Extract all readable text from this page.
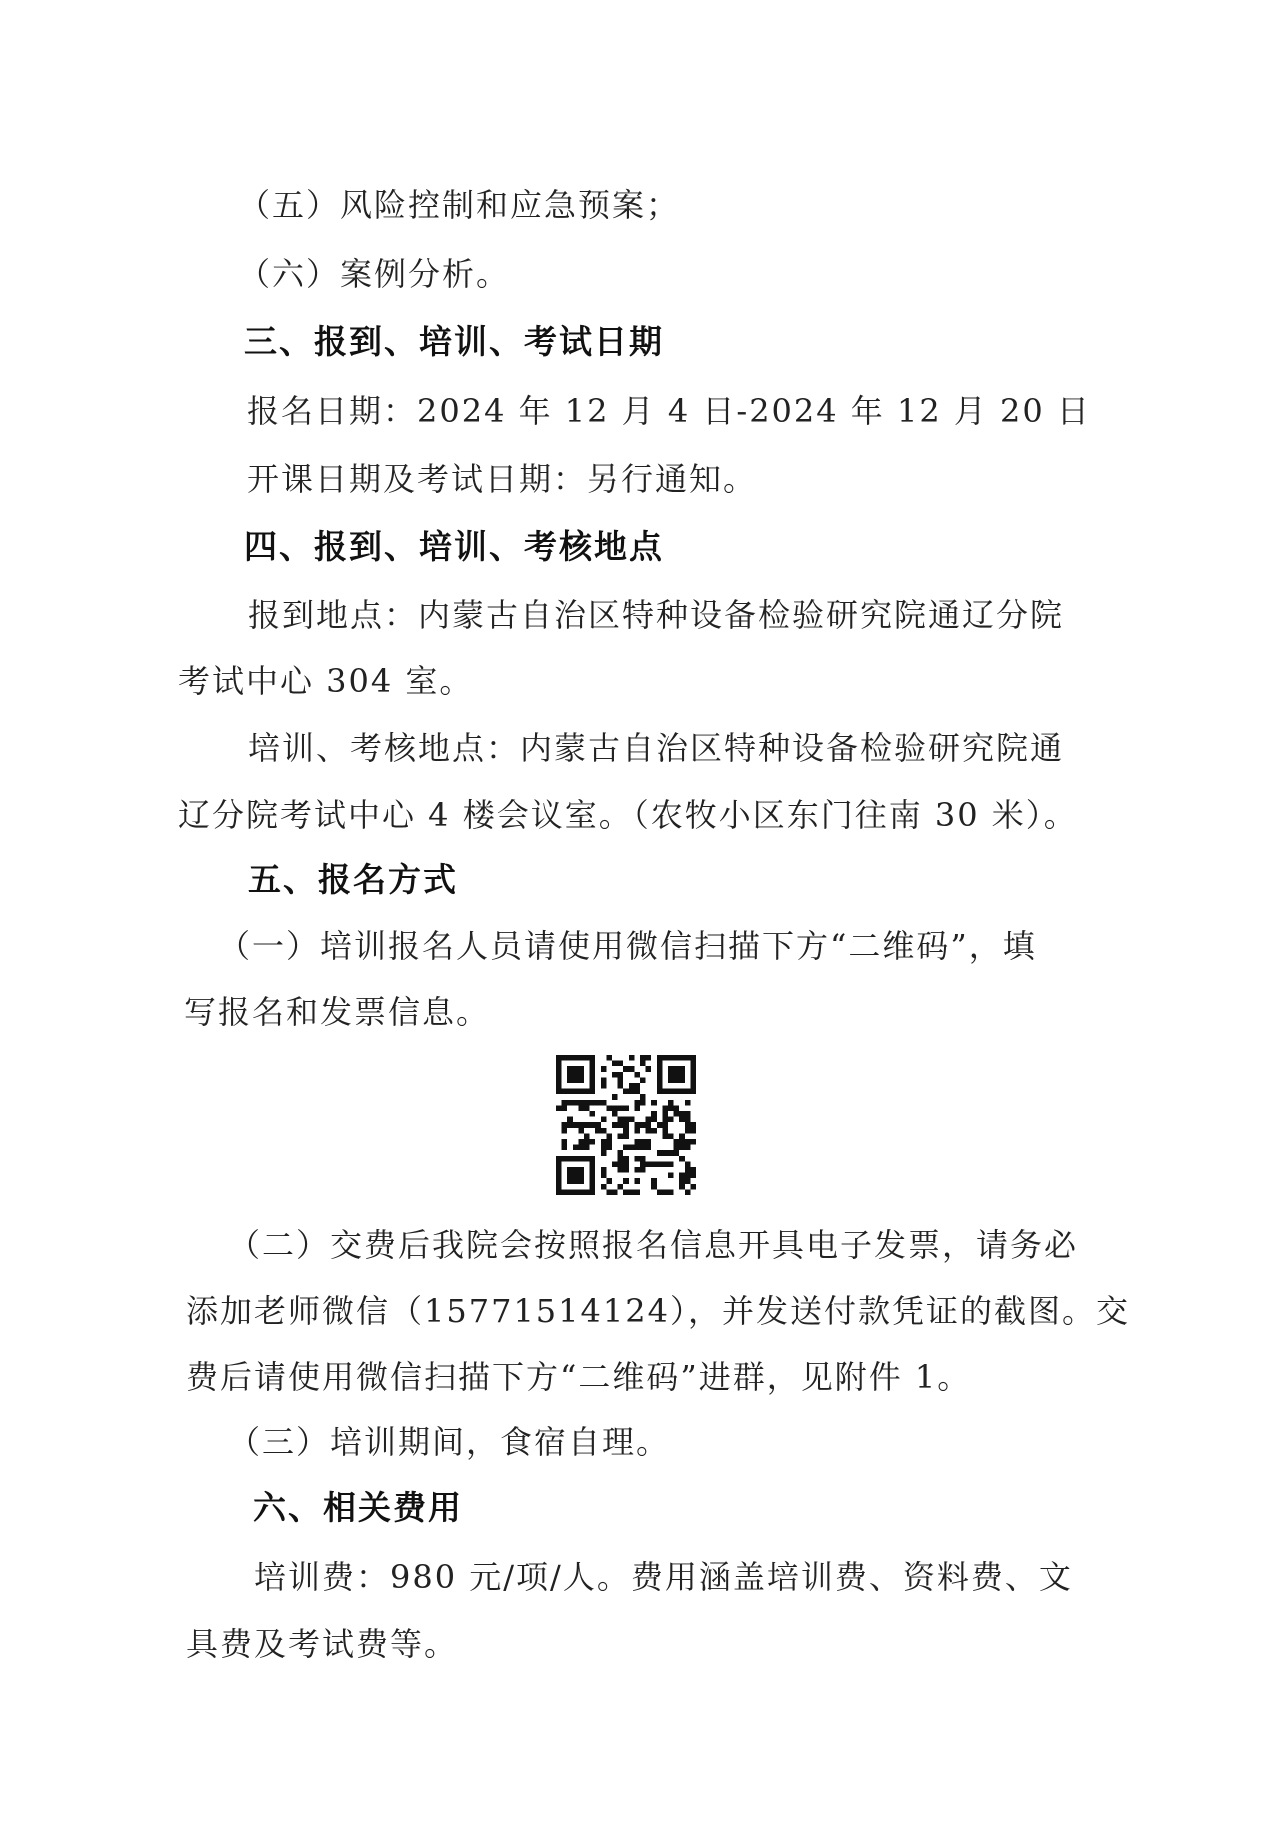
（五）风险控制和应急预案；
（六）案例分析。
三、报到、培训、考试日期
报名日期：2024 年 12 月 4 日-2024 年 12 月 20 日
开课日期及考试日期：另行通知。
四、报到、培训、考核地点
报到地点：内蒙古自治区特种设备检验研究院通辽分院
考试中心 304 室。
培训、考核地点：内蒙古自治区特种设备检验研究院通
辽分院考试中心 4 楼会议室。（农牧小区东门往南 30 米）。
五、报名方式
（一）培训报名人员请使用微信扫描下方“二维码”，填
写报名和发票信息。
（二）交费后我院会按照报名信息开具电子发票，请务必
添加老师微信（15771514124），并发送付款凭证的截图。交
费后请使用微信扫描下方“二维码”进群，见附件 1。
（三）培训期间，食宿自理。
六、相关费用
培训费：980 元/项/人。费用涵盖培训费、资料费、文
具费及考试费等。
